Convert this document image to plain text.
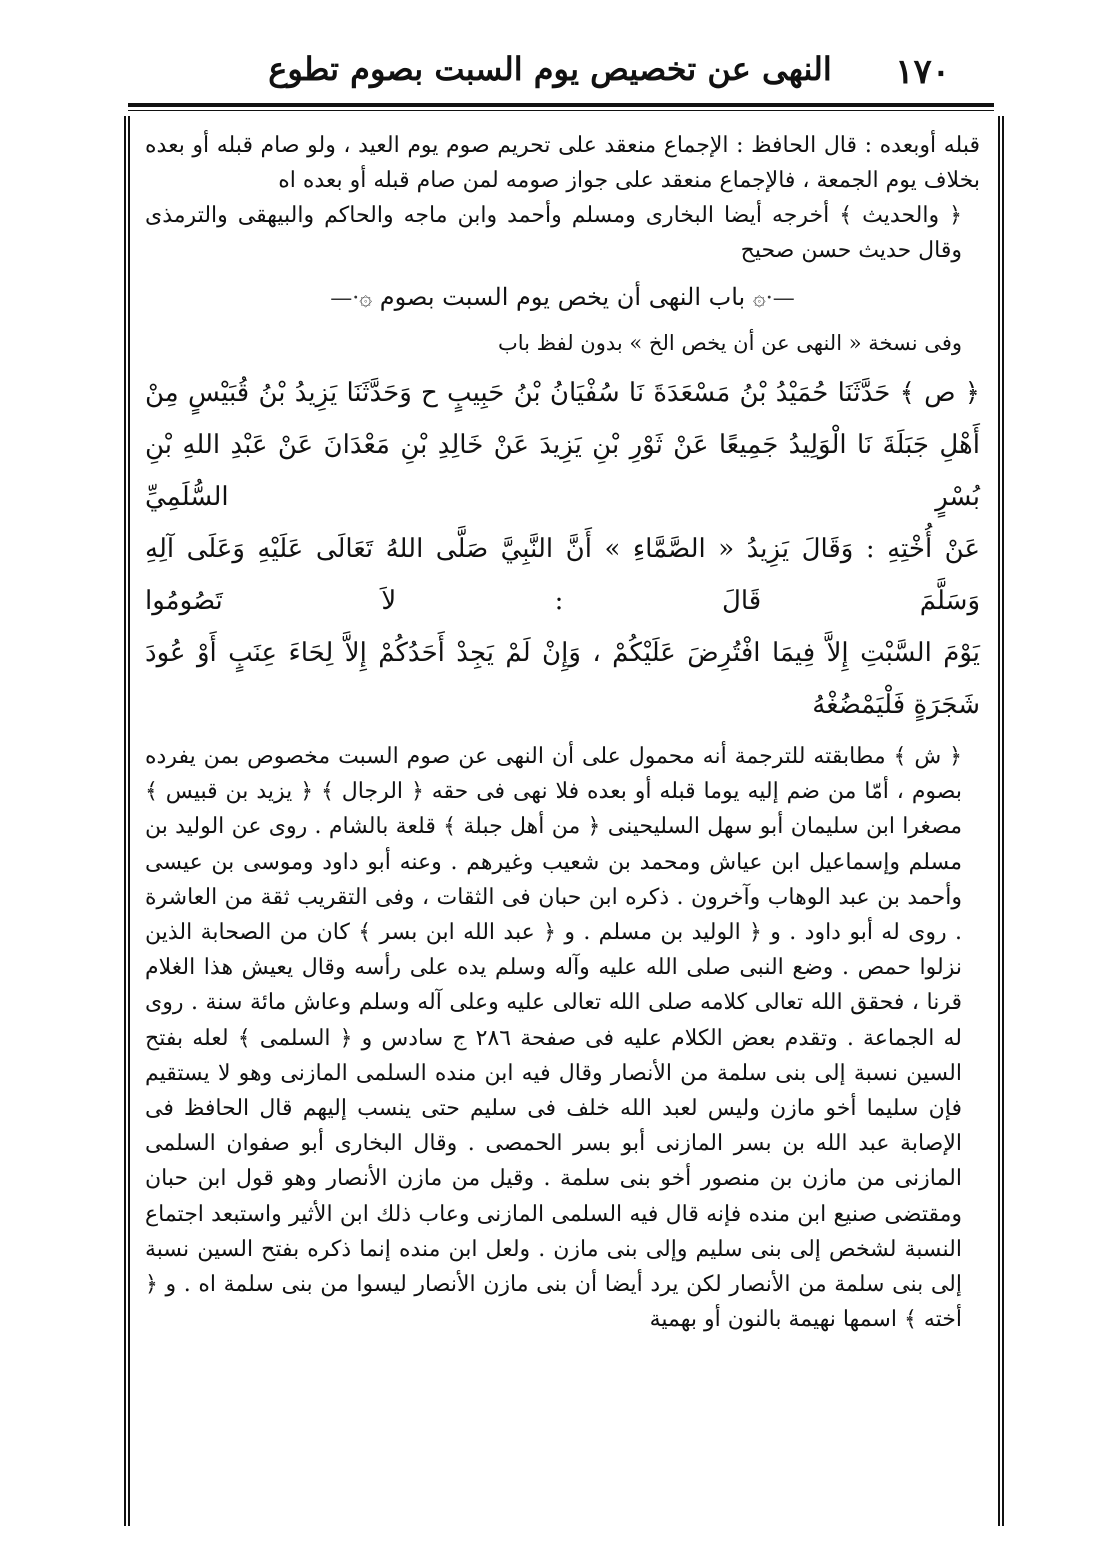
١٧٠
النهى عن تخصيص يوم السبت بصوم تطوع

قبله أوبعده : قال الحافظ : الإجماع منعقد على تحريم صوم يوم العيد ، ولو صام قبله أو بعده بخلاف يوم الجمعة ، فالإجماع منعقد على جواز صومه لمن صام قبله أو بعده اه

﴿ والحديث ﴾ أخرجه أيضا البخارى ومسلم وأحمد وابن ماجه والحاكم والبيهقى والترمذى وقال حديث حسن صحيح

—·۞ باب النهى أن يخص يوم السبت بصوم ۞·—

وفى نسخة « النهى عن أن يخص الخ » بدون لفظ باب

﴿ ص ﴾ حَدَّثَنَا حُمَيْدُ بْنُ مَسْعَدَةَ نَا سُفْيَانُ بْنُ حَبِيبٍ ح وَحَدَّثَنَا يَزِيدُ بْنُ قُبَيْسٍ مِنْ

أَهْلِ جَبَلَةَ نَا الْوَلِيدُ جَمِيعًا عَنْ ثَوْرِ بْنِ يَزِيدَ عَنْ خَالِدِ بْنِ مَعْدَانَ عَنْ عَبْدِ اللهِ بْنِ بُسْرٍ السُّلَمِيِّ

عَنْ أُخْتِهِ : وَقَالَ يَزِيدُ « الصَّمَّاءِ » أَنَّ النَّبِيَّ صَلَّى اللهُ تَعَالَى عَلَيْهِ وَعَلَى آلِهِ وَسَلَّمَ قَالَ : لاَ تَصُومُوا

يَوْمَ السَّبْتِ إِلاَّ فِيمَا افْتُرِضَ عَلَيْكُمْ ، وَإِنْ لَمْ يَجِدْ أَحَدُكُمْ إِلاَّ لِحَاءَ عِنَبٍ أَوْ عُودَ شَجَرَةٍ فَلْيَمْضُغْهُ

﴿ ش ﴾ مطابقته للترجمة أنه محمول على أن النهى عن صوم السبت مخصوص بمن يفرده بصوم ، أمّا من ضم إليه يوما قبله أو بعده فلا نهى فى حقه ﴿ الرجال ﴾ ﴿ يزيد بن قبيس ﴾ مصغرا ابن سليمان أبو سهل السليحينى ﴿ من أهل جبلة ﴾ قلعة بالشام . روى عن الوليد بن مسلم وإسماعيل ابن عياش ومحمد بن شعيب وغيرهم . وعنه أبو داود وموسى بن عيسى وأحمد بن عبد الوهاب وآخرون . ذكره ابن حبان فى الثقات ، وفى التقريب ثقة من العاشرة . روى له أبو داود . و ﴿ الوليد بن مسلم . و ﴿ عبد الله ابن بسر ﴾ كان من الصحابة الذين نزلوا حمص . وضع النبى صلى الله عليه وآله وسلم يده على رأسه وقال يعيش هذا الغلام قرنا ، فحقق الله تعالى كلامه صلى الله تعالى عليه وعلى آله وسلم وعاش مائة سنة . روى له الجماعة . وتقدم بعض الكلام عليه فى صفحة ٢٨٦ ج سادس و ﴿ السلمى ﴾ لعله بفتح السين نسبة إلى بنى سلمة من الأنصار وقال فيه ابن منده السلمى المازنى وهو لا يستقيم فإن سليما أخو مازن وليس لعبد الله خلف فى سليم حتى ينسب إليهم قال الحافظ فى الإصابة عبد الله بن بسر المازنى أبو بسر الحمصى . وقال البخارى أبو صفوان السلمى المازنى من مازن بن منصور أخو بنى سلمة . وقيل من مازن الأنصار وهو قول ابن حبان ومقتضى صنيع ابن منده فإنه قال فيه السلمى المازنى وعاب ذلك ابن الأثير واستبعد اجتماع النسبة لشخص إلى بنى سليم وإلى بنى مازن . ولعل ابن منده إنما ذكره بفتح السين نسبة إلى بنى سلمة من الأنصار لكن يرد أيضا أن بنى مازن الأنصار ليسوا من بنى سلمة اه . و ﴿ أخته ﴾ اسمها نهيمة بالنون أو بهمية
